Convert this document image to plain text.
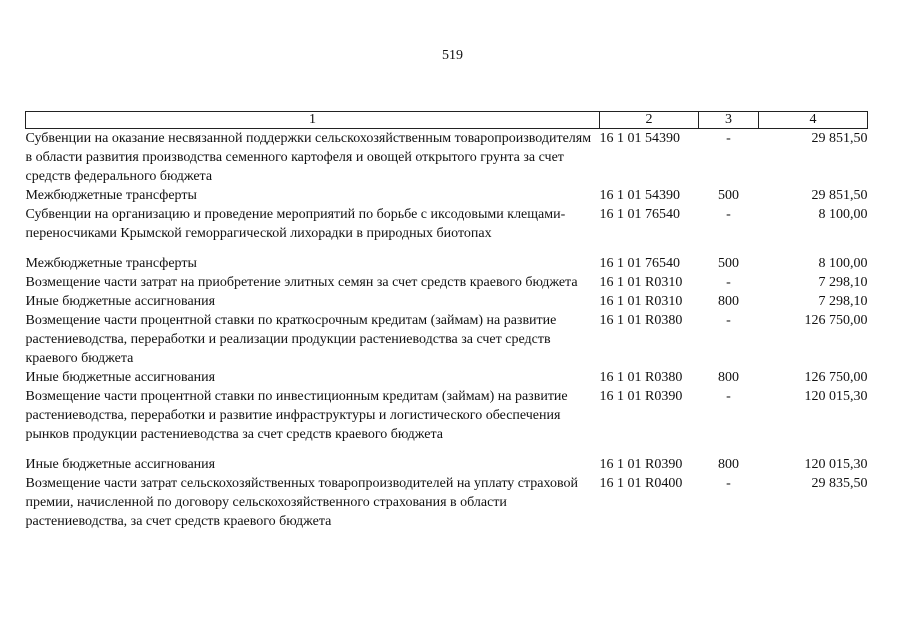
519
1	2	3	4
Субвенции на оказание несвязанной поддержки сельскохозяйственным товаропроизводителям в области развития производства семенного картофеля и овощей открытого грунта за счет средств федерального бюджета	16 1 01 54390	-	29 851,50
Межбюджетные трансферты	16 1 01 54390	500	29 851,50
Субвенции на организацию и проведение мероприятий по борьбе с иксодовыми клещами-переносчиками Крымской геморрагической лихорадки в природных биотопах	16 1 01 76540	-	8 100,00
Межбюджетные трансферты	16 1 01 76540	500	8 100,00
Возмещение части затрат на приобретение элитных семян за счет средств краевого бюджета	16 1 01 R0310	-	7 298,10
Иные бюджетные ассигнования	16 1 01 R0310	800	7 298,10
Возмещение части процентной ставки по краткосрочным кредитам (займам) на развитие растениеводства, переработки и реализации продукции растениеводства за счет средств краевого бюджета	16 1 01 R0380	-	126 750,00
Иные бюджетные ассигнования	16 1 01 R0380	800	126 750,00
Возмещение части процентной ставки по инвестиционным кредитам (займам) на развитие растениеводства, переработки и развитие инфраструктуры и логистического обеспечения рынков продукции растениеводства за счет средств краевого бюджета	16 1 01 R0390	-	120 015,30
Иные бюджетные ассигнования	16 1 01 R0390	800	120 015,30
Возмещение части затрат сельскохозяйственных товаропроизводителей на уплату страховой премии, начисленной по договору сельскохозяйственного страхования в области растениеводства, за счет средств краевого бюджета	16 1 01 R0400	-	29 835,50
